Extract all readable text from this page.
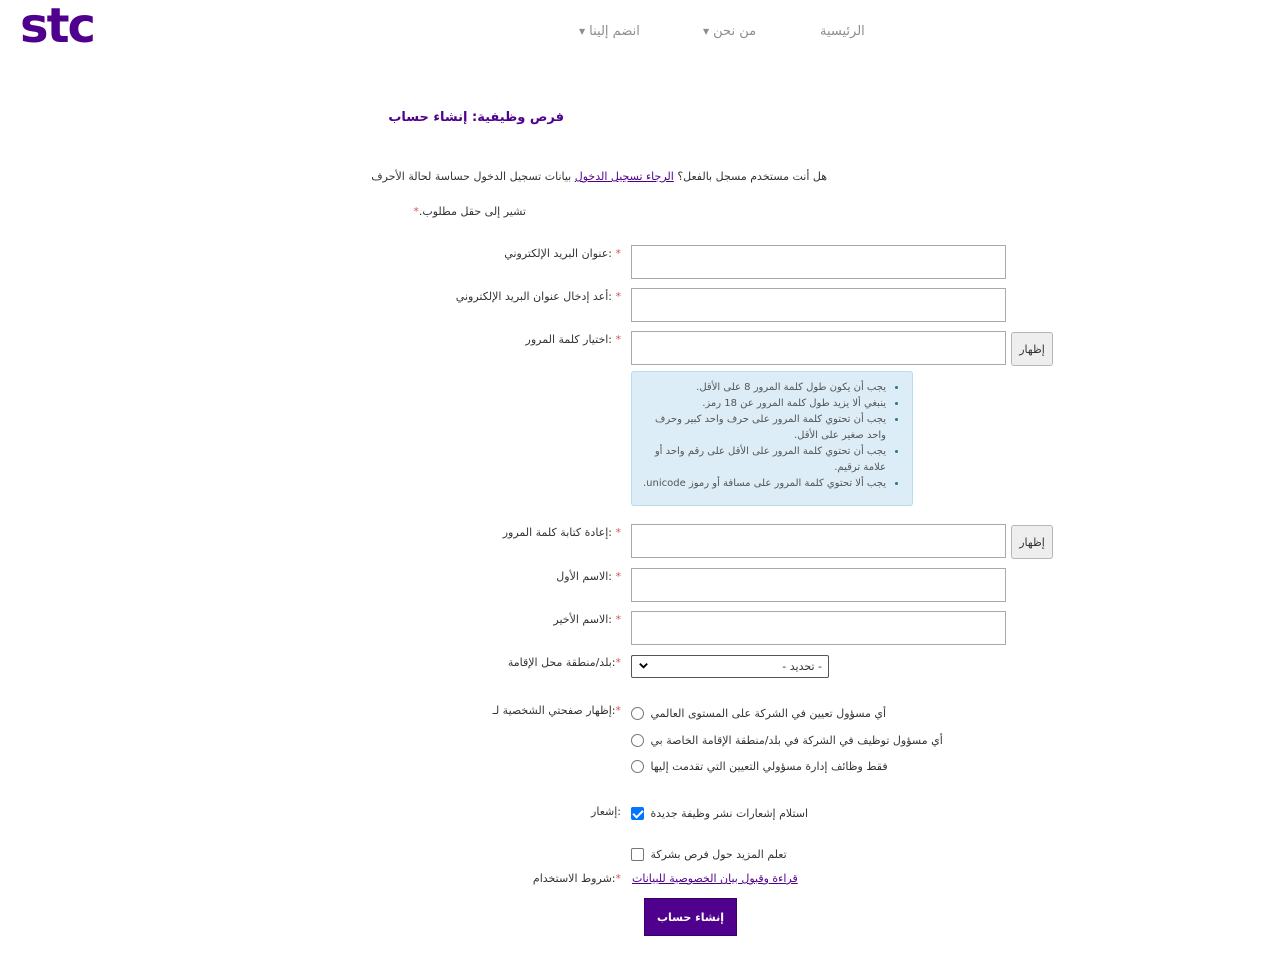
stc	الرئيسية
من نحن▼
انضم إلينا▼
فرص وظيفية: إنشاء حساب
هل أنت مستخدم مسجل بالفعل؟ الرجاء تسجيل الدخول بيانات تسجيل الدخول حساسة لحالة الأحرف
تشير إلى حقل مطلوب.*
* :عنوان البريد الإلكتروني
* :أعد إدخال عنوان البريد الإلكتروني
* :اختيار كلمة المرور
إظهار
• يجب أن يكون طول كلمة المرور 8 على الأقل.
• ينبغي ألا يزيد طول كلمة المرور عن 18 رمز.
• يجب أن تحتوي كلمة المرور على حرف واحد كبير وحرف واحد صغير على الأقل.
• يجب أن تحتوي كلمة المرور على الأقل على رقم واحد أو علامة ترقيم.
• يجب ألا تحتوي كلمة المرور على مسافة أو رموز unicode.
* :إعادة كتابة كلمة المرور
إظهار
* :الاسم الأول
* :الاسم الأخير
*:بلد/منطقة محل الإقامة	- تحديد -
*:إظهار صفحتي الشخصية لـ	أي مسؤول تعيين في الشركة على المستوى العالمي
أي مسؤول توظيف في الشركة في بلد/منطقة الإقامة الخاصة بي
فقط وظائف إدارة مسؤولي التعيين التي تقدمت إليها
:إشعار	استلام إشعارات نشر وظيفة جديدة
تعلم المزيد حول فرص بشركة
*:شروط الاستخدام	قراءة وقبول بيان الخصوصية للبيانات
إنشاء حساب
